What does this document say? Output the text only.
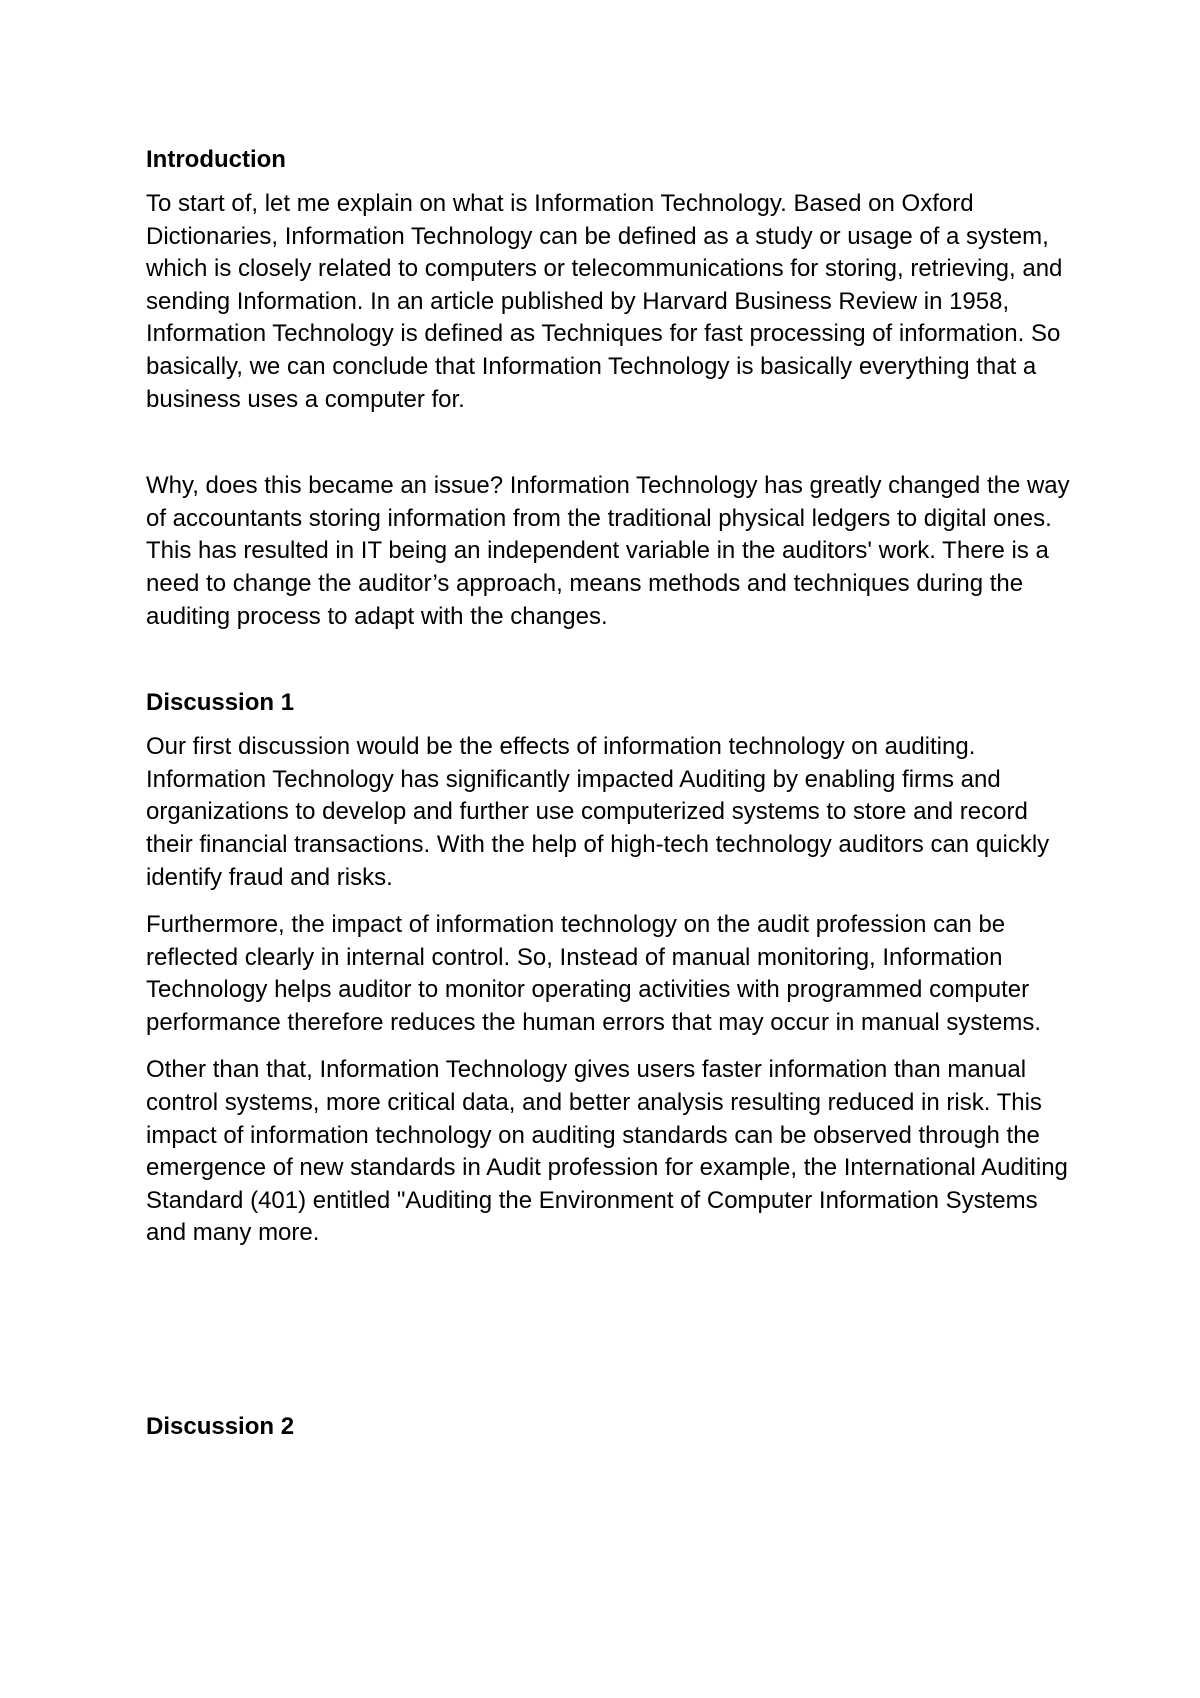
Introduction

To start of, let me explain on what is Information Technology. Based on Oxford Dictionaries, Information Technology can be defined as a study or usage of a system, which is closely related to computers or telecommunications for storing, retrieving, and sending Information. In an article published by Harvard Business Review in 1958, Information Technology is defined as Techniques for fast processing of information. So basically, we can conclude that Information Technology is basically everything that a business uses a computer for.

Why, does this became an issue? Information Technology has greatly changed the way of accountants storing information from the traditional physical ledgers to digital ones. This has resulted in IT being an independent variable in the auditors' work. There is a need to change the auditor’s approach, means methods and techniques during the auditing process to adapt with the changes.

Discussion 1

Our first discussion would be the effects of information technology on auditing. Information Technology has significantly impacted Auditing by enabling firms and organizations to develop and further use computerized systems to store and record their financial transactions. With the help of high-tech technology auditors can quickly identify fraud and risks.

Furthermore, the impact of information technology on the audit profession can be reflected clearly in internal control. So, Instead of manual monitoring, Information Technology helps auditor to monitor operating activities with programmed computer performance therefore reduces the human errors that may occur in manual systems.

Other than that, Information Technology gives users faster information than manual control systems, more critical data, and better analysis resulting reduced in risk. This impact of information technology on auditing standards can be observed through the emergence of new standards in Audit profession for example, the International Auditing Standard (401) entitled "Auditing the Environment of Computer Information Systems and many more.

Discussion 2
